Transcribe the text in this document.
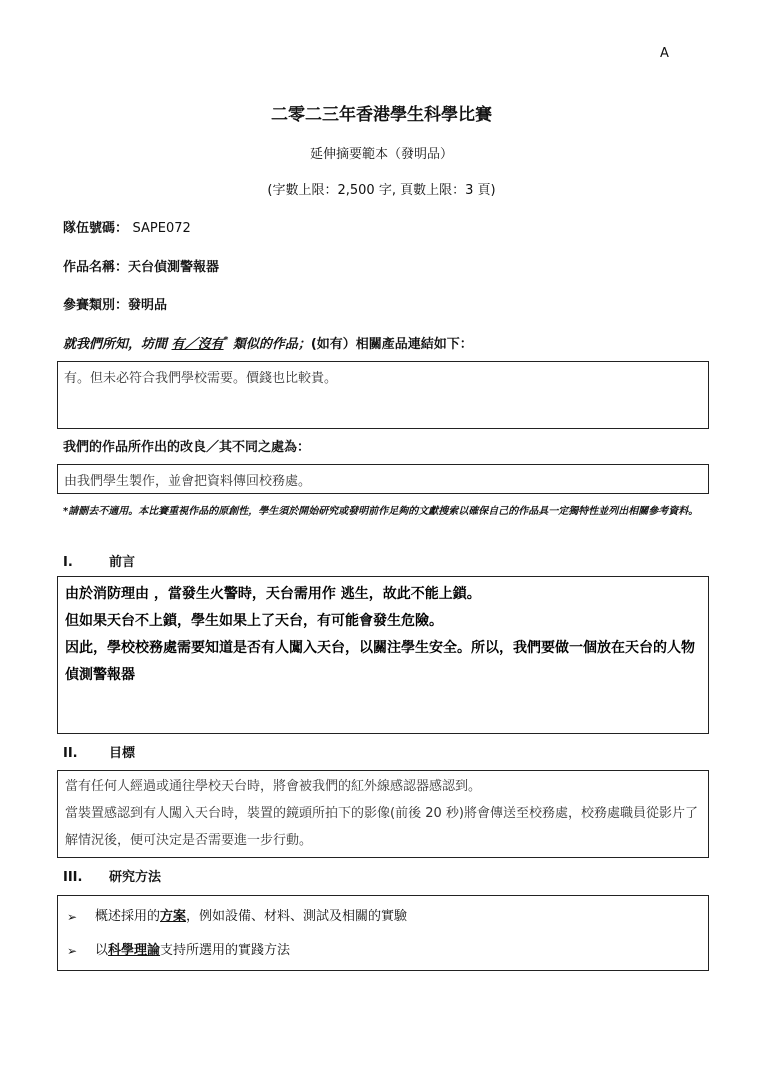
A
二零二三年香港學生科學比賽
延伸摘要範本（發明品）
(字數上限：2,500 字, 頁數上限：3 頁)
隊伍號碼： SAPE072
作品名稱：天台偵測警報器
參賽類別：發明品
就我們所知，坊間 有／沒有* 類似的作品；(如有）相關產品連結如下：

有。但未必符合我們學校需要。價錢也比較貴。

我們的作品所作出的改良／其不同之處為：

由我們學生製作，並會把資料傳回校務處。

*請刪去不適用。本比賽重視作品的原創性，學生須於開始研究或發明前作足夠的文獻搜索以確保自己的作品具一定獨特性並列出相關參考資料。
I.	前言

由於消防理由 ，當發生火警時，天台需用作 逃生，故此不能上鎖。

但如果天台不上鎖，學生如果上了天台，有可能會發生危險。

因此，學校校務處需要知道是否有人闖入天台，以關注學生安全。所以，我們要做一個放在天台的人物偵測警報器

II. 目標

當有任何人經過或通往學校天台時，將會被我們的紅外線感認器感認到。

當裝置感認到有人闖入天台時，裝置的鏡頭所拍下的影像(前後 20 秒)將會傳送至校務處，校務處職員從影片了解情況後，便可決定是否需要進一步行動。

III. 研究方法
➢	概述採用的 方案 ，例如設備、材料、測試及相關的實驗
➢	以 科學理論 支持所選用的實踐方法
